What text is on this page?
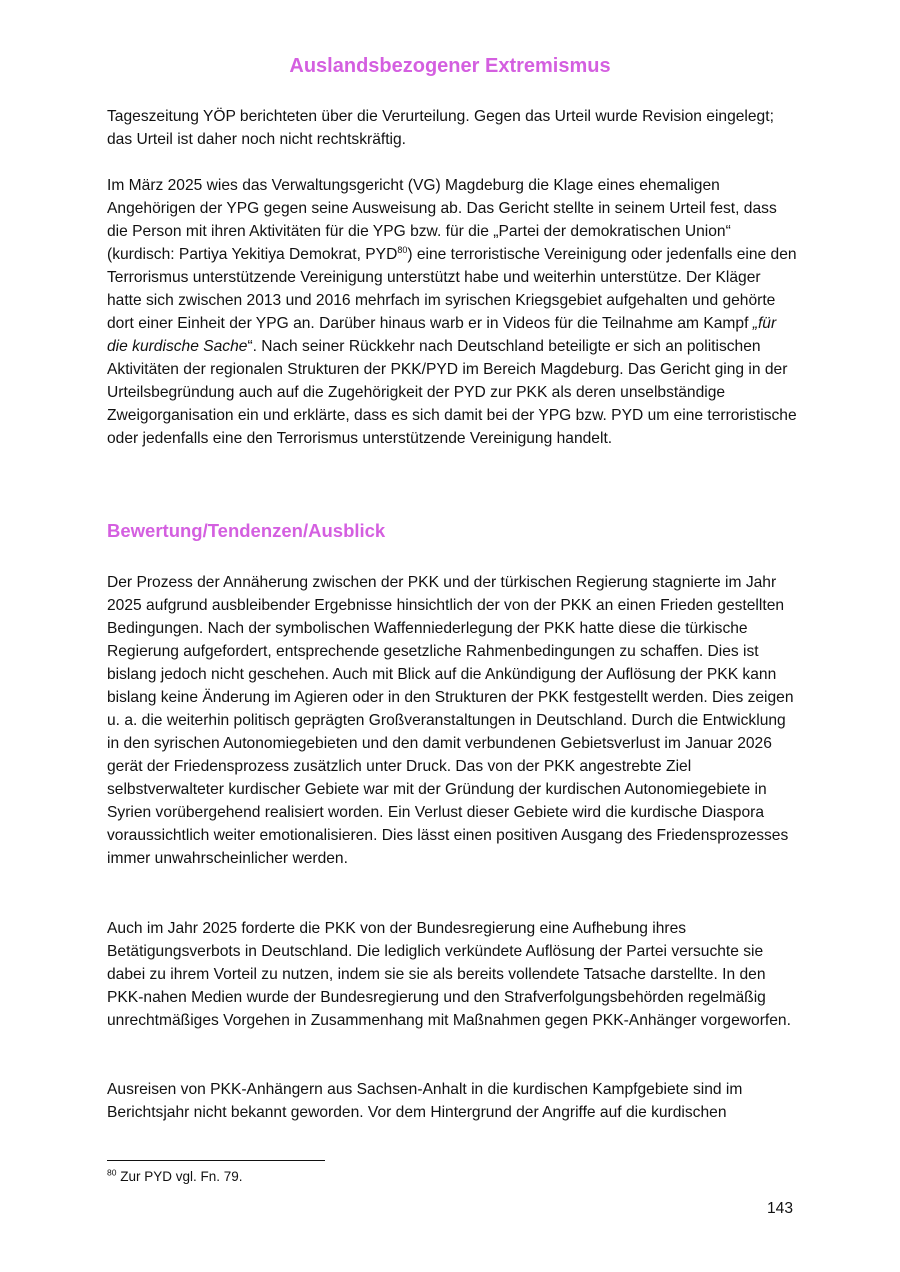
Auslandsbezogener Extremismus

Tageszeitung YÖP berichteten über die Verurteilung. Gegen das Urteil wurde Revision eingelegt; das Urteil ist daher noch nicht rechtskräftig.

Im März 2025 wies das Verwaltungsgericht (VG) Magdeburg die Klage eines ehemaligen Angehörigen der YPG gegen seine Ausweisung ab. Das Gericht stellte in seinem Urteil fest, dass die Person mit ihren Aktivitäten für die YPG bzw. für die „Partei der demokratischen Union“ (kurdisch: Partiya Yekitiya Demokrat, PYD$^{80}$) eine terroristische Vereinigung oder jedenfalls eine den Terrorismus unterstützende Vereinigung unterstützt habe und weiterhin unterstütze. Der Kläger hatte sich zwischen 2013 und 2016 mehrfach im syrischen Kriegsgebiet aufgehalten und gehörte dort einer Einheit der YPG an. Darüber hinaus warb er in Videos für die Teilnahme am Kampf „für die kurdische Sache“. Nach seiner Rückkehr nach Deutschland beteiligte er sich an politischen Aktivitäten der regionalen Strukturen der PKK/PYD im Bereich Magdeburg. Das Gericht ging in der Urteilsbegründung auch auf die Zugehörigkeit der PYD zur PKK als deren unselbständige Zweigorganisation ein und erklärte, dass es sich damit bei der YPG bzw. PYD um eine terroristische oder jedenfalls eine den Terrorismus unterstützende Vereinigung handelt.

Bewertung/Tendenzen/Ausblick

Der Prozess der Annäherung zwischen der PKK und der türkischen Regierung stagnierte im Jahr 2025 aufgrund ausbleibender Ergebnisse hinsichtlich der von der PKK an einen Frieden gestellten Bedingungen. Nach der symbolischen Waffenniederlegung der PKK hatte diese die türkische Regierung aufgefordert, entsprechende gesetzliche Rahmenbedingungen zu schaffen. Dies ist bislang jedoch nicht geschehen. Auch mit Blick auf die Ankündigung der Auflösung der PKK kann bislang keine Änderung im Agieren oder in den Strukturen der PKK festgestellt werden. Dies zeigen u. a. die weiterhin politisch geprägten Großveranstaltungen in Deutschland. Durch die Entwicklung in den syrischen Autonomiegebieten und den damit verbundenen Gebietsverlust im Januar 2026 gerät der Friedensprozess zusätzlich unter Druck. Das von der PKK angestrebte Ziel selbstverwalteter kurdischer Gebiete war mit der Gründung der kurdischen Autonomiegebiete in Syrien vorübergehend realisiert worden. Ein Verlust dieser Gebiete wird die kurdische Diaspora voraussichtlich weiter emotionalisieren. Dies lässt einen positiven Ausgang des Friedensprozesses immer unwahrscheinlicher werden.

Auch im Jahr 2025 forderte die PKK von der Bundesregierung eine Aufhebung ihres Betätigungsverbots in Deutschland. Die lediglich verkündete Auflösung der Partei versuchte sie dabei zu ihrem Vorteil zu nutzen, indem sie sie als bereits vollendete Tatsache darstellte. In den PKK-nahen Medien wurde der Bundesregierung und den Strafverfolgungsbehörden regelmäßig unrechtmäßiges Vorgehen in Zusammenhang mit Maßnahmen gegen PKK-Anhänger vorgeworfen.

Ausreisen von PKK-Anhängern aus Sachsen-Anhalt in die kurdischen Kampfgebiete sind im Berichtsjahr nicht bekannt geworden. Vor dem Hintergrund der Angriffe auf die kurdischen

$^{80}$ Zur PYD vgl. Fn. 79.
143
